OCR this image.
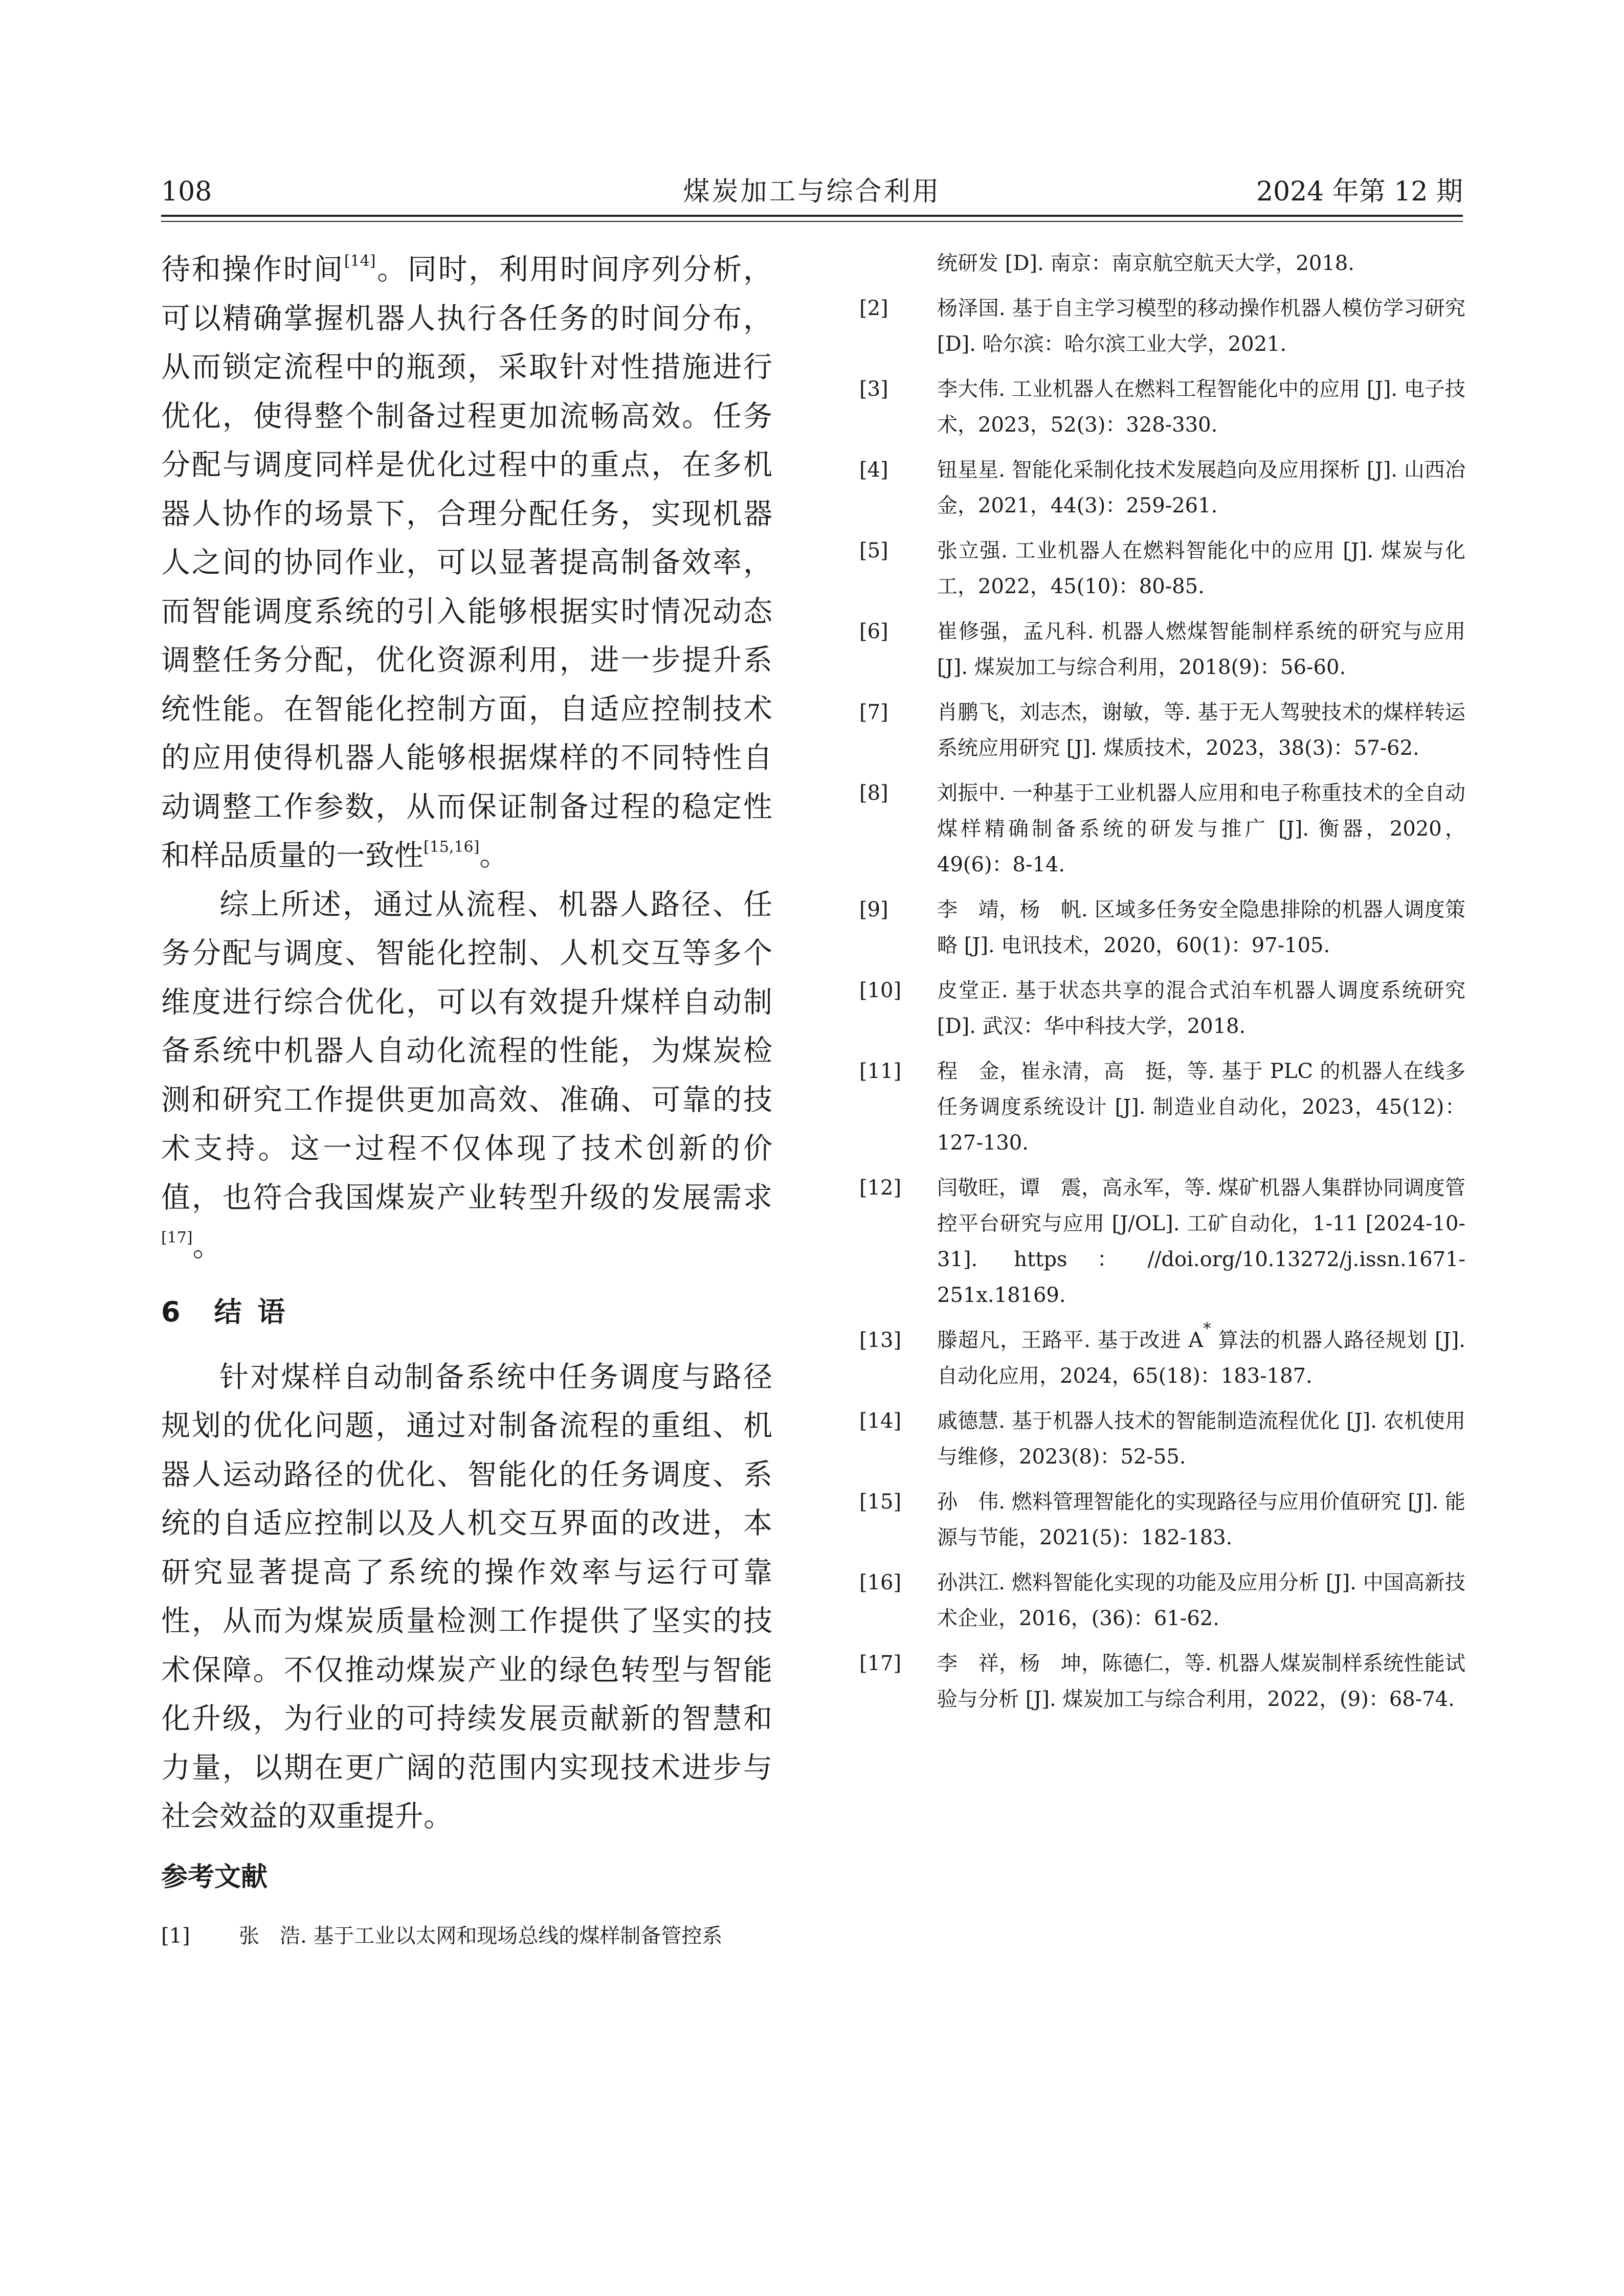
108	煤炭加工与综合利用	2024 年第 12 期

待和操作时间[14]。同时，利用时间序列分析，可以精确掌握机器人执行各任务的时间分布，从而锁定流程中的瓶颈，采取针对性措施进行优化，使得整个制备过程更加流畅高效。任务分配与调度同样是优化过程中的重点，在多机器人协作的场景下，合理分配任务，实现机器人之间的协同作业，可以显著提高制备效率，而智能调度系统的引入能够根据实时情况动态调整任务分配，优化资源利用，进一步提升系统性能。在智能化控制方面，自适应控制技术的应用使得机器人能够根据煤样的不同特性自动调整工作参数，从而保证制备过程的稳定性和样品质量的一致性[15,16]。

综上所述，通过从流程、机器人路径、任务分配与调度、智能化控制、人机交互等多个维度进行综合优化，可以有效提升煤样自动制备系统中机器人自动化流程的性能，为煤炭检测和研究工作提供更加高效、准确、可靠的技术支持。这一过程不仅体现了技术创新的价值，也符合我国煤炭产业转型升级的发展需求[17]。

6 结 语

针对煤样自动制备系统中任务调度与路径规划的优化问题，通过对制备流程的重组、机器人运动路径的优化、智能化的任务调度、系统的自适应控制以及人机交互界面的改进，本研究显著提高了系统的操作效率与运行可靠性，从而为煤炭质量检测工作提供了坚实的技术保障。不仅推动煤炭产业的绿色转型与智能化升级，为行业的可持续发展贡献新的智慧和力量，以期在更广阔的范围内实现技术进步与社会效益的双重提升。

参考文献
[1] 张　浩. 基于工业以太网和现场总线的煤样制备管控系
统研发 [D]. 南京：南京航空航天大学，2018.
[2] 杨泽国. 基于自主学习模型的移动操作机器人模仿学习研究 [D]. 哈尔滨：哈尔滨工业大学，2021.
[3] 李大伟. 工业机器人在燃料工程智能化中的应用 [J]. 电子技术，2023，52(3)：328-330.
[4] 钮星星. 智能化采制化技术发展趋向及应用探析 [J]. 山西冶金，2021，44(3)：259-261.
[5] 张立强. 工业机器人在燃料智能化中的应用 [J]. 煤炭与化工，2022，45(10)：80-85.
[6] 崔修强，孟凡科. 机器人燃煤智能制样系统的研究与应用 [J]. 煤炭加工与综合利用，2018(9)：56-60.
[7] 肖鹏飞，刘志杰，谢敏，等. 基于无人驾驶技术的煤样转运系统应用研究 [J]. 煤质技术，2023，38(3)：57-62.
[8] 刘振中. 一种基于工业机器人应用和电子称重技术的全自动煤样精确制备系统的研发与推广 [J]. 衡器，2020，49(6)：8-14.
[9] 李　靖，杨　帆. 区域多任务安全隐患排除的机器人调度策略 [J]. 电讯技术，2020，60(1)：97-105.
[10] 皮堂正. 基于状态共享的混合式泊车机器人调度系统研究 [D]. 武汉：华中科技大学，2018.
[11] 程　金，崔永清，高　挺，等. 基于 PLC 的机器人在线多任务调度系统设计 [J]. 制造业自动化，2023，45(12)：127-130.
[12] 闫敬旺，谭　震，高永军，等. 煤矿机器人集群协同调度管控平台研究与应用 [J/OL]. 工矿自动化，1-11 [2024-10-31]. https：//doi.org/10.13272/j.issn.1671-251x.18169.
[13] 滕超凡，王路平. 基于改进 A* 算法的机器人路径规划 [J]. 自动化应用，2024，65(18)：183-187.
[14] 戚德慧. 基于机器人技术的智能制造流程优化 [J]. 农机使用与维修，2023(8)：52-55.
[15] 孙　伟. 燃料管理智能化的实现路径与应用价值研究 [J]. 能源与节能，2021(5)：182-183.
[16] 孙洪江. 燃料智能化实现的功能及应用分析 [J]. 中国高新技术企业，2016，(36)：61-62.
[17] 李　祥，杨　坤，陈德仁，等. 机器人煤炭制样系统性能试验与分析 [J]. 煤炭加工与综合利用，2022，(9)：68-74.
